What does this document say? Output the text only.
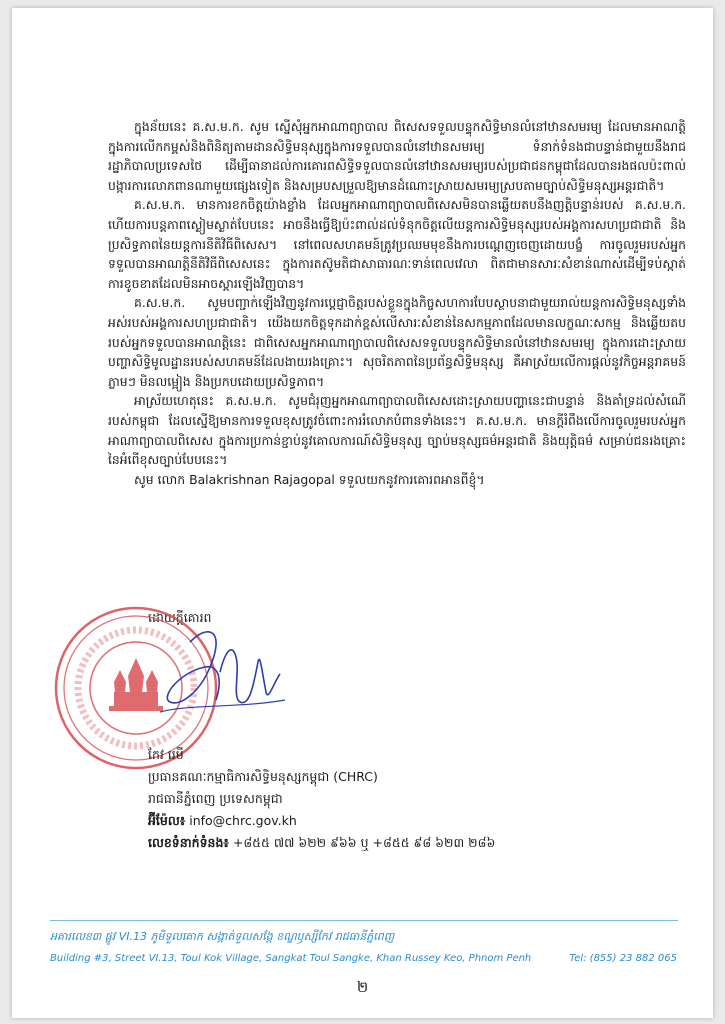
ក្នុងន័យនេះ គ.ស.ម.ក. សូម ស្នើសុំអ្នកអាណាព្យាបាល ពិសេសទទួលបន្ទុកសិទ្ធិមានលំនៅឋានសមរម្យ ដែលមានអាណត្តិក្នុងការលើកកម្ពស់និងពិនិត្យតាមដានសិទ្ធិមនុស្សក្នុងការទទួលបានលំនៅឋានសមរម្យ ទំនាក់ទំនងជាបន្ទាន់ជាមួយនឹងរាជរដ្ឋាភិបាលប្រទេសថៃ ដើម្បីធានាដល់ការគោរពសិទ្ធិទទួលបានលំនៅឋានសមរម្យរបស់ប្រជាជនកម្ពុជាដែលបានរងផលប៉ះពាល់ បង្ការការលោភពានណាមួយផ្សេងទៀត និងសម្របសម្រួលឱ្យមានដំណោះស្រាយសមរម្យស្របតាមច្បាប់សិទ្ធិមនុស្សអន្តរជាតិ។

គ.ស.ម.ក. មានការខកចិត្តយ៉ាងខ្លាំង ដែលអ្នកអាណាព្យាបាលពិសេសមិនបានឆ្លើយតបនឹងញត្តិបន្ទាន់របស់ គ.ស.ម.ក. ហើយការបន្តភាពស្ងៀមស្ងាត់បែបនេះ អាចនឹងធ្វើឱ្យប៉ះពាល់ដល់ទំនុកចិត្តលើយន្តការសិទ្ធិមនុស្សរបស់អង្គការសហប្រជាជាតិ និងប្រសិទ្ធភាពនៃយន្តការនីតិវិធីពិសេស។ នៅពេលសហគមន៍ត្រូវប្រឈមមុខនឹងការបណ្តេញចេញដោយបង្ខំ ការចូលរួមរបស់អ្នកទទួលបានអាណត្តិនីតិវិធីពិសេសនេះ ក្នុងការតស៊ូមតិជាសាធារណៈទាន់ពេលវេលា ពិតជាមានសារៈសំខាន់ណាស់ដើម្បីទប់ស្កាត់ការខូចខាតដែលមិនអាចស្តារឡើងវិញបាន។

គ.ស.ម.ក. សូមបញ្ជាក់ឡើងវិញនូវការប្តេជ្ញាចិត្តរបស់ខ្លួនក្នុងកិច្ចសហការបែបស្ថាបនាជាមួយរាល់យន្តការសិទ្ធិមនុស្សទាំងអស់របស់អង្គការសហប្រជាជាតិ។ យើងយកចិត្តទុកដាក់ខ្ពស់លើសារៈសំខាន់នៃសកម្មភាពដែលមានលក្ខណៈសកម្ម និងឆ្លើយតប របស់អ្នកទទួលបានអាណត្តិនេះ ជាពិសេសអ្នកអាណាព្យាបាលពិសេសទទួលបន្ទុកសិទ្ធិមានលំនៅឋានសមរម្យ ក្នុងការដោះស្រាយបញ្ហាសិទ្ធិមូលដ្ឋានរបស់សហគមន៍ដែលងាយរងគ្រោះ។ សុចរិតភាពនៃប្រព័ន្ធសិទ្ធិមនុស្ស គឺអាស្រ័យលើការផ្តល់នូវកិច្ចអន្តរាគមន៍ភ្លាមៗ មិនលម្អៀង និងប្រកបដោយប្រសិទ្ធភាព។

អាស្រ័យហេតុនេះ គ.ស.ម.ក. សូមជំរុញអ្នកអាណាព្យាបាលពិសេសដោះស្រាយបញ្ហានេះជាបន្ទាន់ និងគាំទ្រដល់សំណើរបស់កម្ពុជា ដែលស្នើឱ្យមានការទទួលខុសត្រូវចំពោះការរំលោភបំពានទាំងនេះ។ គ.ស.ម.ក. មានក្តីរំពឹងលើការចូលរួមរបស់អ្នកអាណាព្យាបាលពិសេស ក្នុងការប្រកាន់ខ្ជាប់នូវគោលការណ៍សិទ្ធិមនុស្ស ច្បាប់មនុស្សធម៌អន្តរជាតិ និងយុត្តិធម៌ សម្រាប់ជនរងគ្រោះនៃអំពើខុសច្បាប់បែបនេះ។

សូម លោក Balakrishnan Rajagopal ទទួលយកនូវការគោរពអានពីខ្ញុំ។

ដោយក្តីគោរព
កែវ រេមី
ប្រធានគណៈកម្មាធិការសិទ្ធិមនុស្សកម្ពុជា (CHRC)
រាជធានីភ្នំពេញ ប្រទេសកម្ពុជា
អ៊ីម៉ែល៖ info@chrc.gov.kh
លេខទំនាក់ទំនង៖ +៨៥៥ ៧៧ ៦២២ ៩៦៦ ឬ +៨៥៥ ៩៨ ៦២៣ ២៨៦
អគារលេខ៣ ផ្លូវ VI.13 ភូមិទួលគោក សង្កាត់ទួលសង្កែ ខណ្ឌឫស្សីកែវ រាជធានីភ្នំពេញ
Building #3, Street VI.13, Toul Kok Village, Sangkat Toul Sangke, Khan Russey Keo, Phnom Penh	Tel: (855) 23 882 065
២
